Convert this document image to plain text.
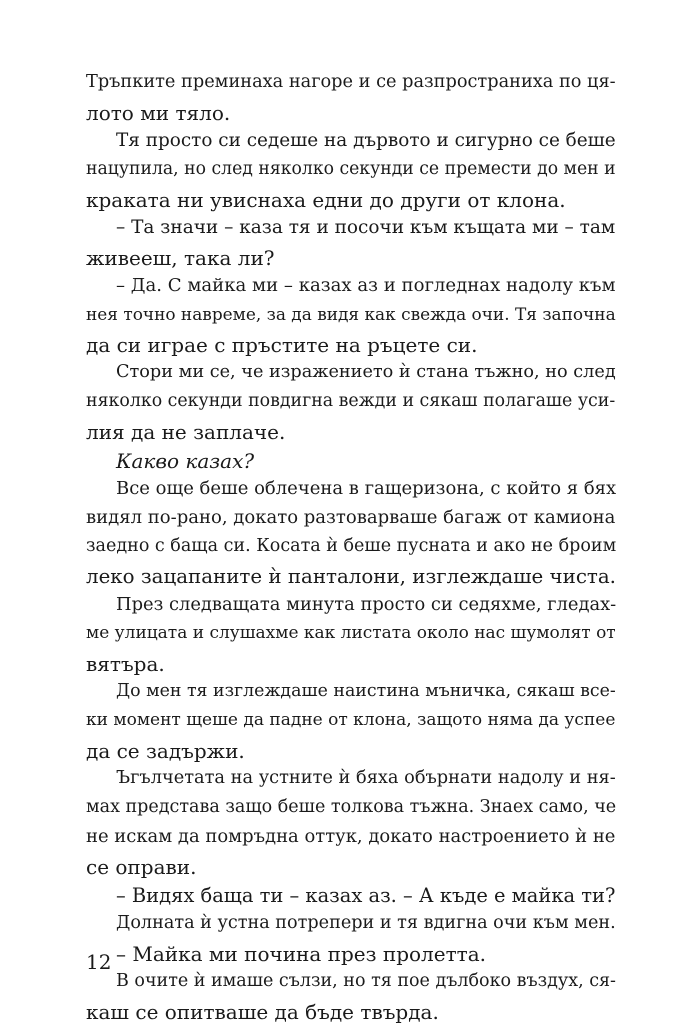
Тръпките преминаха нагоре и се разпространиха по ця-
лото ми тяло.
Тя просто си седеше на дървото и сигурно се беше
нацупила, но след няколко секунди се премести до мен и
краката ни увиснаха едни до други от клона.
– Та значи – каза тя и посочи към къщата ми – там
живееш, така ли?
– Да. С майка ми – казах аз и погледнах надолу към
нея точно навреме, за да видя как свежда очи. Тя започна
да си играе с пръстите на ръцете си.
Стори ми се, че изражението ѝ стана тъжно, но след
няколко секунди повдигна вежди и сякаш полагаше уси-
лия да не заплаче.
Какво казах?
Все още беше облечена в гащеризона, с който я бях
видял по-рано, докато разтоварваше багаж от камиона
заедно с баща си. Косата ѝ беше пусната и ако не броим
леко зацапаните ѝ панталони, изглеждаше чиста.
През следващата минута просто си седяхме, гледах-
ме улицата и слушахме как листата около нас шумолят от
вятъра.
До мен тя изглеждаше наистина мъничка, сякаш все-
ки момент щеше да падне от клона, защото няма да успее
да се задържи.
Ъгълчетата на устните ѝ бяха обърнати надолу и ня-
мах представа защо беше толкова тъжна. Знаех само, че
не искам да помръдна оттук, докато настроението ѝ не
се оправи.
– Видях баща ти – казах аз. – А къде е майка ти?
Долната ѝ устна потрепери и тя вдигна очи към мен.
– Майка ми почина през пролетта.
В очите ѝ имаше сълзи, но тя пое дълбоко въздух, ся-
каш се опитваше да бъде твърда.
12
